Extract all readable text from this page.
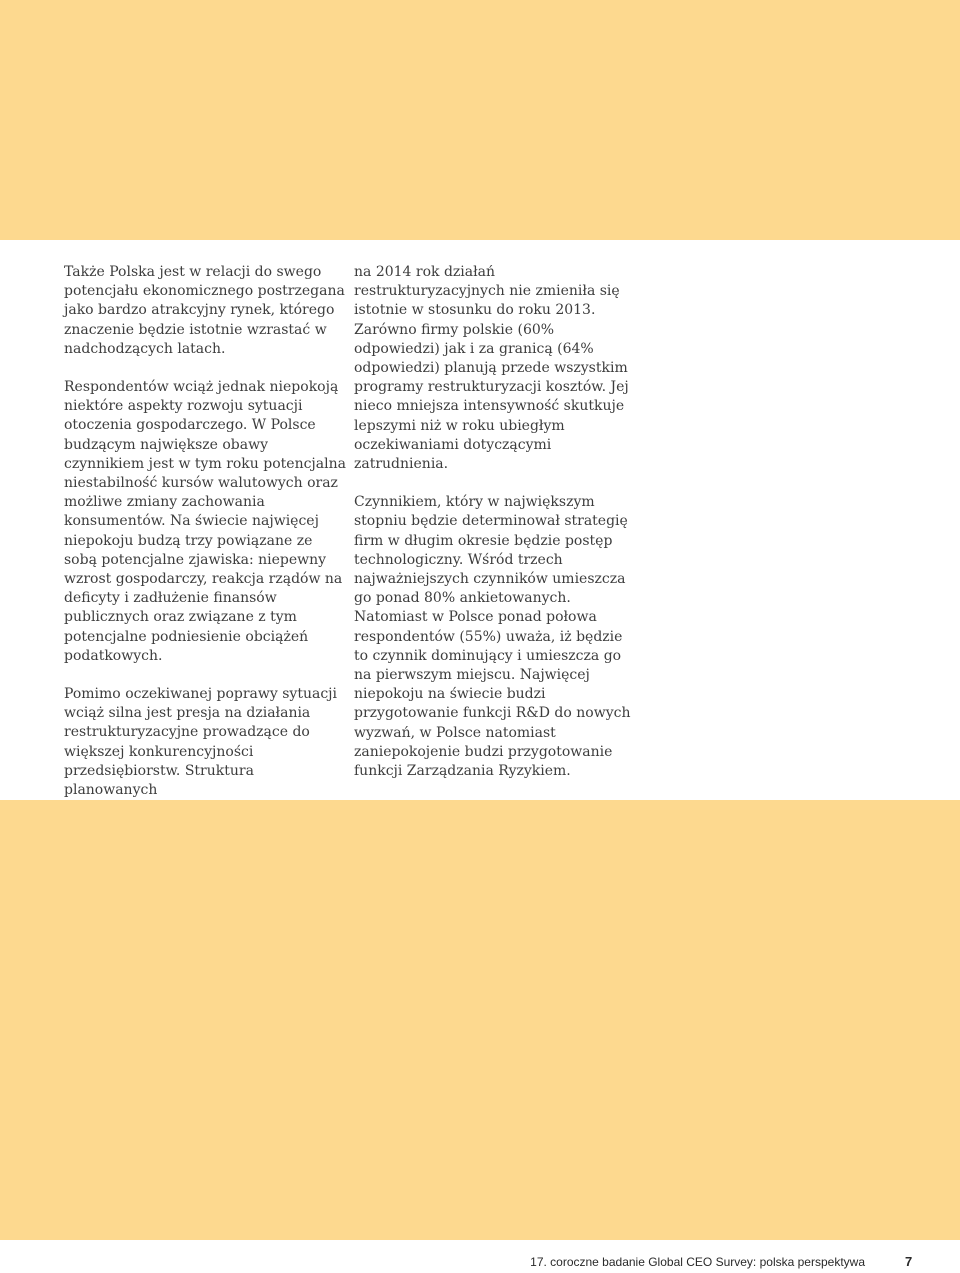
Także Polska jest w relacji do swego potencjału ekonomicznego postrzegana jako bardzo atrakcyjny rynek, którego znaczenie będzie istotnie wzrastać w nadchodzących latach.

Respondentów wciąż jednak niepokoją niektóre aspekty rozwoju sytuacji otoczenia gospodarczego. W Polsce budzącym największe obawy czynnikiem jest w tym roku potencjalna niestabilność kursów walutowych oraz możliwe zmiany zachowania konsumentów. Na świecie najwięcej niepokoju budzą trzy powiązane ze sobą potencjalne zjawiska: niepewny wzrost gospodarczy, reakcja rządów na deficyty i zadłużenie finansów publicznych oraz związane z tym potencjalne podniesienie obciążeń podatkowych.

Pomimo oczekiwanej poprawy sytuacji wciąż silna jest presja na działania restrukturyzacyjne prowadzące do większej konkurencyjności przedsiębiorstw. Struktura planowanych

na 2014 rok działań restrukturyzacyjnych nie zmieniła się istotnie w stosunku do roku 2013. Zarówno firmy polskie (60% odpowiedzi) jak i za granicą (64% odpowiedzi) planują przede wszystkim programy restrukturyzacji kosztów. Jej nieco mniejsza intensywność skutkuje lepszymi niż w roku ubiegłym oczekiwaniami dotyczącymi zatrudnienia.

Czynnikiem, który w największym stopniu będzie determinował strategię firm w długim okresie będzie postęp technologiczny. Wśród trzech najważniejszych czynników umieszcza go ponad 80% ankietowanych. Natomiast w Polsce ponad połowa respondentów (55%) uważa, iż będzie to czynnik dominujący i umieszcza go na pierwszym miejscu. Najwięcej niepokoju na świecie budzi przygotowanie funkcji R&D do nowych wyzwań, w Polsce natomiast zaniepokojenie budzi przygotowanie funkcji Zarządzania Ryzykiem.

17. coroczne badanie Global CEO Survey: polska perspektywa	7
